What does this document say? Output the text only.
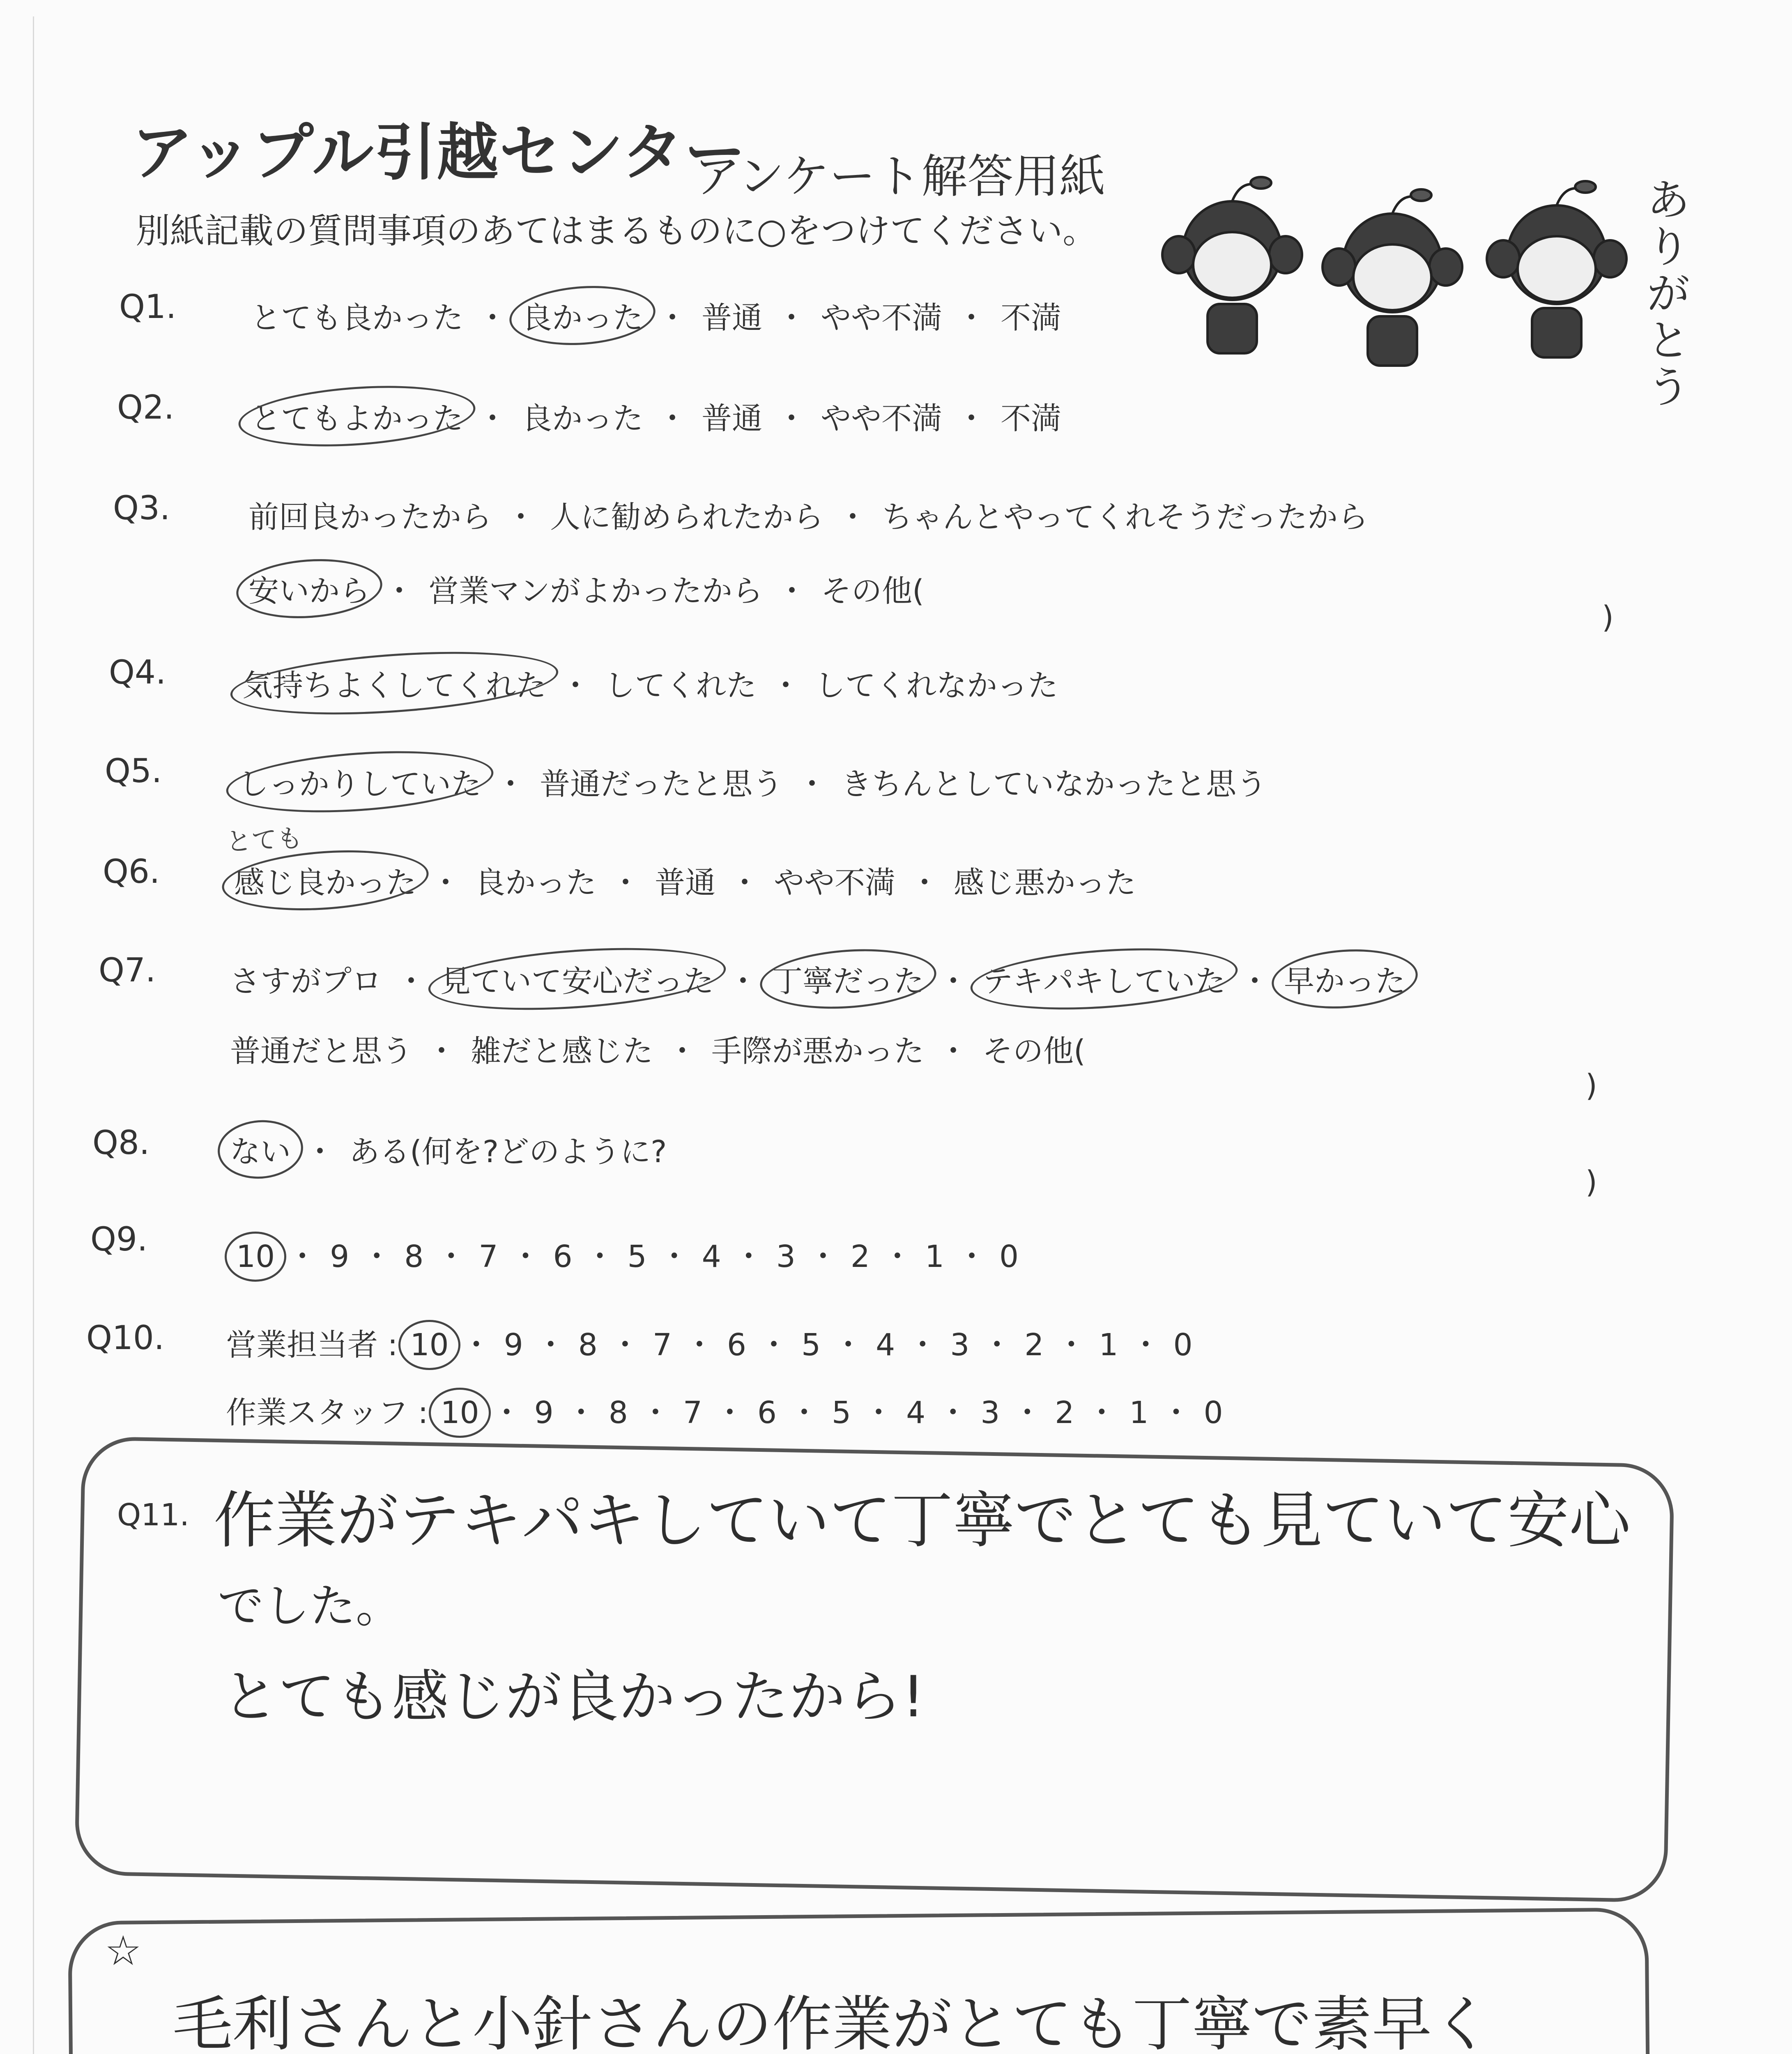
アップル引越センター
アンケート解答用紙
別紙記載の質問事項のあてはまるものに○をつけてください。
ありがとう
Q1. とても良かった ・ 良かった ・ 普通 ・ やや不満 ・ 不満
Q2.	とてもよかった ・ 良かった ・ 普通 ・ やや不満 ・ 不満
Q3.	前回良かったから ・ 人に勧められたから ・ ちゃんとやってくれそうだったから
安いから ・ 営業マンがよかったから ・ その他(
)
Q4.	気持ちよくしてくれた ・ してくれた ・ してくれなかった
Q5.	しっかりしていた ・ 普通だったと思う ・ きちんとしていなかったと思う
とても
Q6. 感じ良かった ・ 良かった ・ 普通 ・ やや不満 ・ 感じ悪かった
Q7. さすがプロ ・ 見ていて安心だった ・ 丁寧だった ・ テキパキしていた ・ 早かった
普通だと思う ・ 雑だと感じた ・ 手際が悪かった ・ その他(
)
Q8.	ない ・ ある(何を?どのように?
)
Q9.	10 ・ 9 ・ 8 ・ 7 ・ 6 ・ 5 ・ 4 ・ 3 ・ 2 ・ 1 ・ 0
Q10. 営業担当者 : 10 ・ 9 ・ 8 ・ 7 ・ 6 ・ 5 ・ 4 ・ 3 ・ 2 ・ 1 ・ 0
作業スタッフ : 10 ・ 9 ・ 8 ・ 7 ・ 6 ・ 5 ・ 4 ・ 3 ・ 2 ・ 1 ・ 0
Q11. 作業がテキパキしていて丁寧でとても見ていて安心
でした。
とても感じが良かったから!
☆
毛利さんと小針さんの作業がとても丁寧で素早く
